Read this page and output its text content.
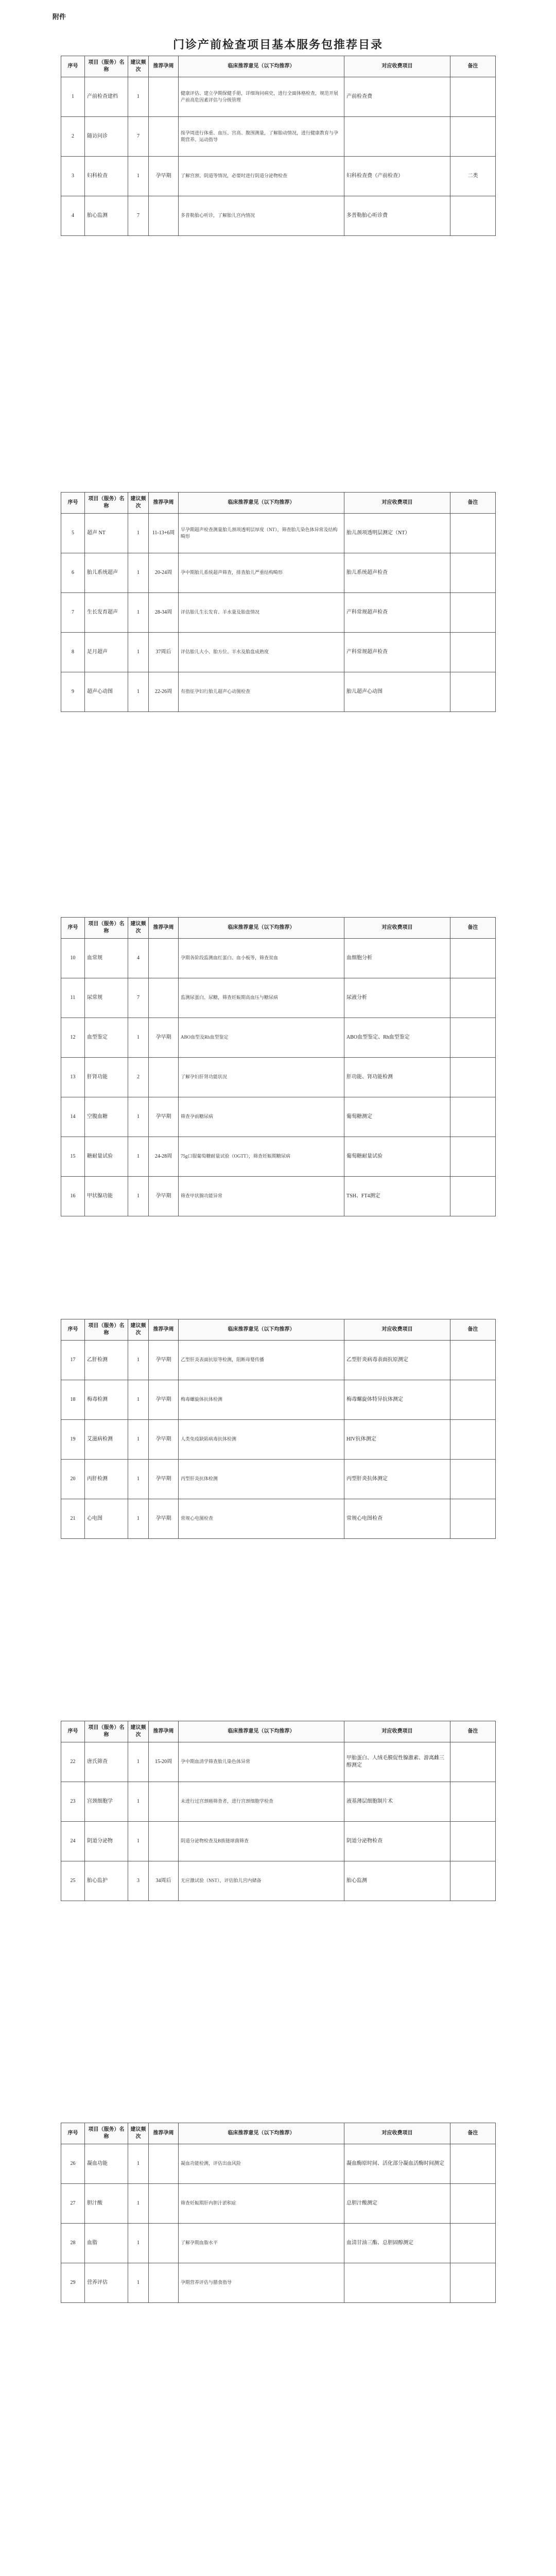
附件
门诊产前检查项目基本服务包推荐目录
序号	项目（服务）名称	建议频次	推荐孕周	临床推荐意见（以下均推荐）	对应收费项目	备注
1	产前检查建档	1		健康评估、建立孕期保健手册，详细询问病史，进行全面体格检查，规范开展产前高危因素评估与分级管理	产前检查费	
2	随访问诊	7		按孕周进行体重、血压、宫高、腹围测量，了解胎动情况，进行健康教育与孕期营养、运动指导		
3	妇科检查	1	孕早期	了解宫颈、阴道等情况，必要时进行阴道分泌物检查	妇科检查费（产前检查）	二类
4	胎心监测	7		多普勒胎心听诊，了解胎儿宫内情况	多普勒胎心听诊费	
序号	项目（服务）名称	建议频次	推荐孕周	临床推荐意见（以下均推荐）	对应收费项目	备注
5	超声 NT	1	11-13+6周	早孕期超声检查测量胎儿颈项透明层厚度（NT），筛查胎儿染色体异常及结构畸形	胎儿颈项透明层测定（NT）	
6	胎儿系统超声	1	20-24周	孕中期胎儿系统超声筛查，排查胎儿严重结构畸形	胎儿系统超声检查	
7	生长发育超声	1	28-34周	评估胎儿生长发育、羊水量及胎盘情况	产科常规超声检查	
8	足月超声	1	37周后	评估胎儿大小、胎方位、羊水及胎盘成熟度	产科常规超声检查	
9	超声心动图	1	22-26周	有指征孕妇行胎儿超声心动图检查	胎儿超声心动图	
序号	项目（服务）名称	建议频次	推荐孕周	临床推荐意见（以下均推荐）	对应收费项目	备注
10	血常规	4		孕期各阶段监测血红蛋白、血小板等，筛查贫血	血细胞分析	
11	尿常规	7		监测尿蛋白、尿糖，筛查妊娠期高血压与糖尿病	尿液分析	
12	血型鉴定	1	孕早期	ABO血型及Rh血型鉴定	ABO血型鉴定、Rh血型鉴定	
13	肝肾功能	2		了解孕妇肝肾功能状况	肝功能、肾功能检测	
14	空腹血糖	1	孕早期	筛查孕前糖尿病	葡萄糖测定	
15	糖耐量试验	1	24-28周	75g口服葡萄糖耐量试验（OGTT），筛查妊娠期糖尿病	葡萄糖耐量试验	
16	甲状腺功能	1	孕早期	筛查甲状腺功能异常	TSH、FT4测定	
序号	项目（服务）名称	建议频次	推荐孕周	临床推荐意见（以下均推荐）	对应收费项目	备注
17	乙肝检测	1	孕早期	乙型肝炎表面抗原等检测，阻断母婴传播	乙型肝炎病毒表面抗原测定	
18	梅毒检测	1	孕早期	梅毒螺旋体抗体检测	梅毒螺旋体特异抗体测定	
19	艾滋病检测	1	孕早期	人类免疫缺陷病毒抗体检测	HIV抗体测定	
20	丙肝检测	1	孕早期	丙型肝炎抗体检测	丙型肝炎抗体测定	
21	心电图	1	孕早期	常规心电图检查	常规心电图检查	
序号	项目（服务）名称	建议频次	推荐孕周	临床推荐意见（以下均推荐）	对应收费项目	备注
22	唐氏筛查	1	15-20周	孕中期血清学筛查胎儿染色体异常	甲胎蛋白、人绒毛膜促性腺激素、游离雌三醇测定	
23	宫颈细胞学	1		未进行过宫颈癌筛查者，进行宫颈细胞学检查	液基薄层细胞制片术	
24	阴道分泌物	1		阴道分泌物检查及B族链球菌筛查	阴道分泌物检查	
25	胎心监护	3	34周后	无应激试验（NST），评估胎儿宫内储备	胎心监测	
序号	项目（服务）名称	建议频次	推荐孕周	临床推荐意见（以下均推荐）	对应收费项目	备注
26	凝血功能	1		凝血功能检测，评估出血风险	凝血酶原时间、活化部分凝血活酶时间测定	
27	胆汁酸	1		筛查妊娠期肝内胆汁淤积症	总胆汁酸测定	
28	血脂	1		了解孕期血脂水平	血清甘油三酯、总胆固醇测定	
29	营养评估	1		孕期营养评估与膳食指导		
